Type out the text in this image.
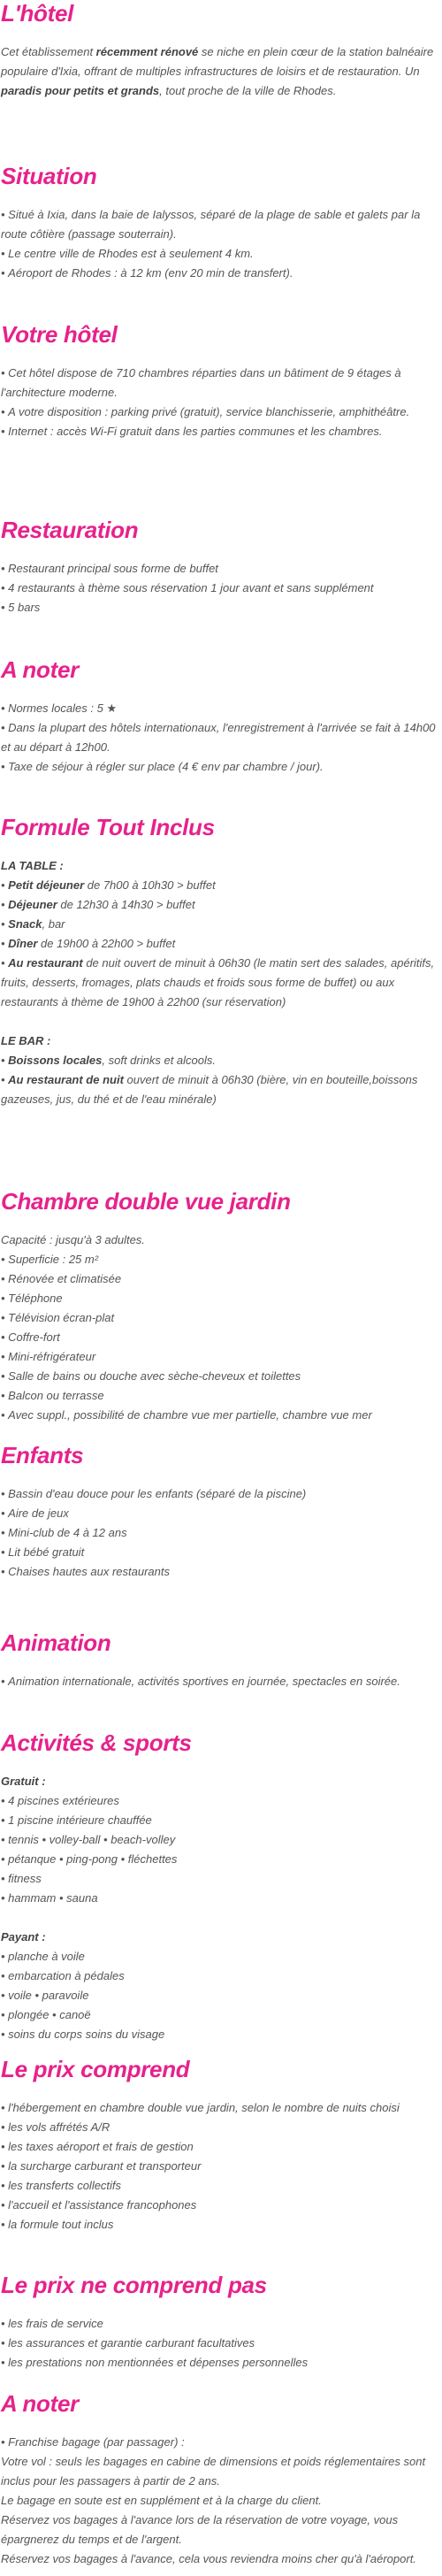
L'hôtel
Cet établissement récemment rénové se niche en plein cœur de la station balnéaire populaire d'Ixia, offrant de multiples infrastructures de loisirs et de restauration. Un paradis pour petits et grands, tout proche de la ville de Rhodes.
Situation
• Situé à Ixia, dans la baie de Ialyssos, séparé de la plage de sable et galets par la route côtière (passage souterrain).
• Le centre ville de Rhodes est à seulement 4 km.
• Aéroport de Rhodes : à 12 km (env 20 min de transfert).
Votre hôtel
• Cet hôtel dispose de 710 chambres réparties dans un bâtiment de 9 étages à l'architecture moderne.
• A votre disposition : parking privé (gratuit), service blanchisserie, amphithéâtre.
• Internet : accès Wi-Fi gratuit dans les parties communes et les chambres.
Restauration
• Restaurant principal sous forme de buffet
• 4 restaurants à thème sous réservation 1 jour avant et sans supplément
• 5 bars
A noter
• Normes locales : 5 ★
• Dans la plupart des hôtels internationaux, l'enregistrement à l'arrivée se fait à 14h00 et au départ à 12h00.
• Taxe de séjour à régler sur place (4 € env par chambre / jour).
Formule Tout Inclus
LA TABLE :
• Petit déjeuner de 7h00 à 10h30 > buffet
• Déjeuner de 12h30 à 14h30 > buffet
• Snack, bar
• Dîner de 19h00 à 22h00 > buffet
• Au restaurant de nuit ouvert de minuit à 06h30 (le matin sert des salades, apéritifs, fruits, desserts, fromages, plats chauds et froids sous forme de buffet) ou aux restaurants à thème de 19h00 à 22h00 (sur réservation)
LE BAR :
• Boissons locales, soft drinks et alcools.
• Au restaurant de nuit ouvert de minuit à 06h30 (bière, vin en bouteille,boissons gazeuses, jus, du thé et de l'eau minérale)
Chambre double vue jardin
Capacité : jusqu'à 3 adultes.
• Superficie : 25 m²
• Rénovée et climatisée
• Téléphone
• Télévision écran-plat
• Coffre-fort
• Mini-réfrigérateur
• Salle de bains ou douche avec sèche-cheveux et toilettes
• Balcon ou terrasse
• Avec suppl., possibilité de chambre vue mer partielle, chambre vue mer
Enfants
• Bassin d'eau douce pour les enfants (séparé de la piscine)
• Aire de jeux
• Mini-club de 4 à 12 ans
• Lit bébé gratuit
• Chaises hautes aux restaurants
Animation
• Animation internationale, activités sportives en journée, spectacles en soirée.
Activités & sports
Gratuit :
• 4 piscines extérieures
• 1 piscine intérieure chauffée
• tennis • volley-ball • beach-volley
• pétanque • ping-pong • fléchettes
• fitness
• hammam • sauna
Payant :
• planche à voile
• embarcation à pédales
• voile • paravoile
• plongée • canoë
• soins du corps soins du visage
Le prix comprend
• l'hébergement en chambre double vue jardin, selon le nombre de nuits choisi
• les vols affrétés A/R
• les taxes aéroport et frais de gestion
• la surcharge carburant et transporteur
• les transferts collectifs
• l'accueil et l'assistance francophones
• la formule tout inclus
Le prix ne comprend pas
• les frais de service
• les assurances et garantie carburant facultatives
• les prestations non mentionnées et dépenses personnelles
A noter
• Franchise bagage (par passager) :
Votre vol : seuls les bagages en cabine de dimensions et poids réglementaires sont inclus pour les passagers à partir de 2 ans.
Le bagage en soute est en supplément et à la charge du client.
Réservez vos bagages à l'avance lors de la réservation de votre voyage, vous épargnerez du temps et de l'argent.
Réservez vos bagages à l'avance, cela vous reviendra moins cher qu'à l'aéroport.
